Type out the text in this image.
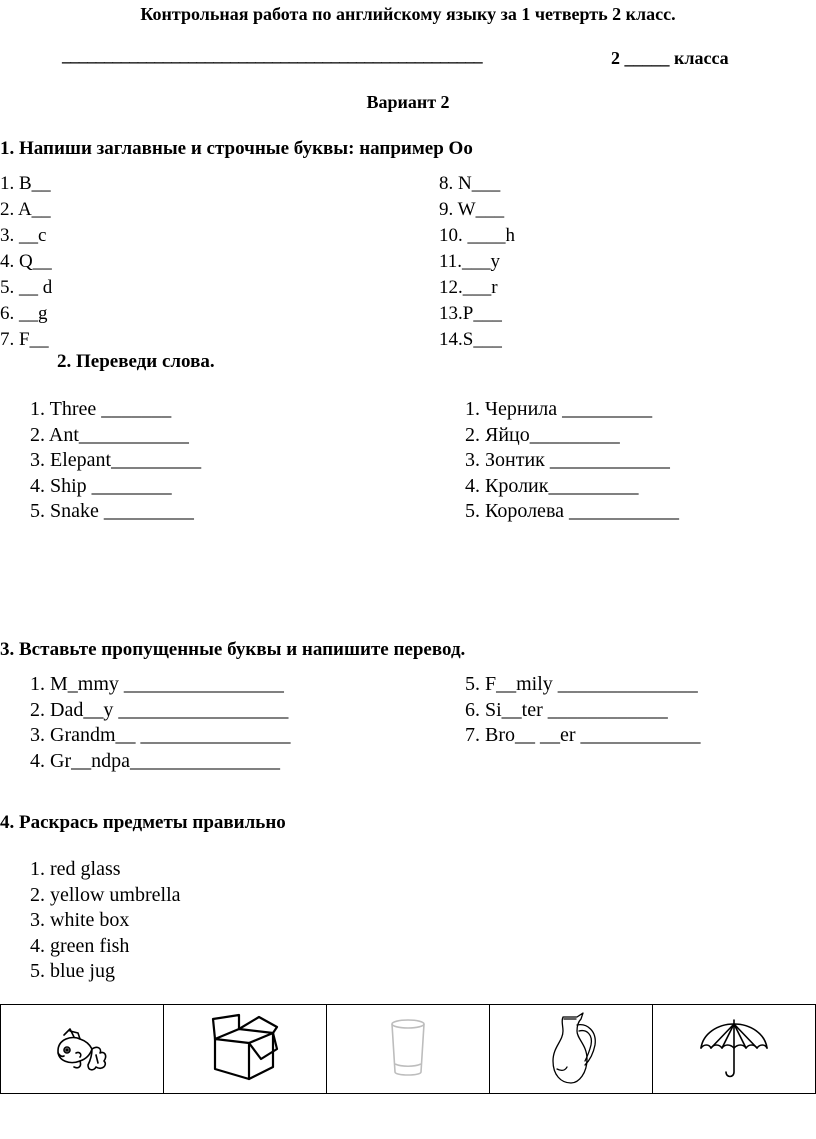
Контрольная работа по английскому языку за 1 четверть 2 класс.
__________________________________________________	2 _____ класса
Вариант 2
1. Напиши заглавные и строчные буквы: например Оо
1. B__
2. A__
3. __c
4. Q__
5. __ d
6. __g
7. F__
8. N___
9. W___
10. ____h
11.___y
12.___r
13.P___
14.S___
2. Переведи слова.
1. Three _______
2. Ant___________
3. Elepant_________
4. Ship ________
5. Snake _________
1. Чернила _________
2. Яйцо_________
3. Зонтик ____________
4. Кролик_________
5. Королева ___________
3. Вставьте пропущенные буквы и напишите перевод.
1. M_mmy ________________
2. Dad__y _________________
3. Grandm__ _______________
4. Gr__ndpa_______________
5. F__mily ______________
6. Si__ter ____________
7. Bro__ __er ____________
4. Раскрась предметы правильно
1. red glass
2. yellow umbrella
3. white box
4. green fish
5. blue jug
